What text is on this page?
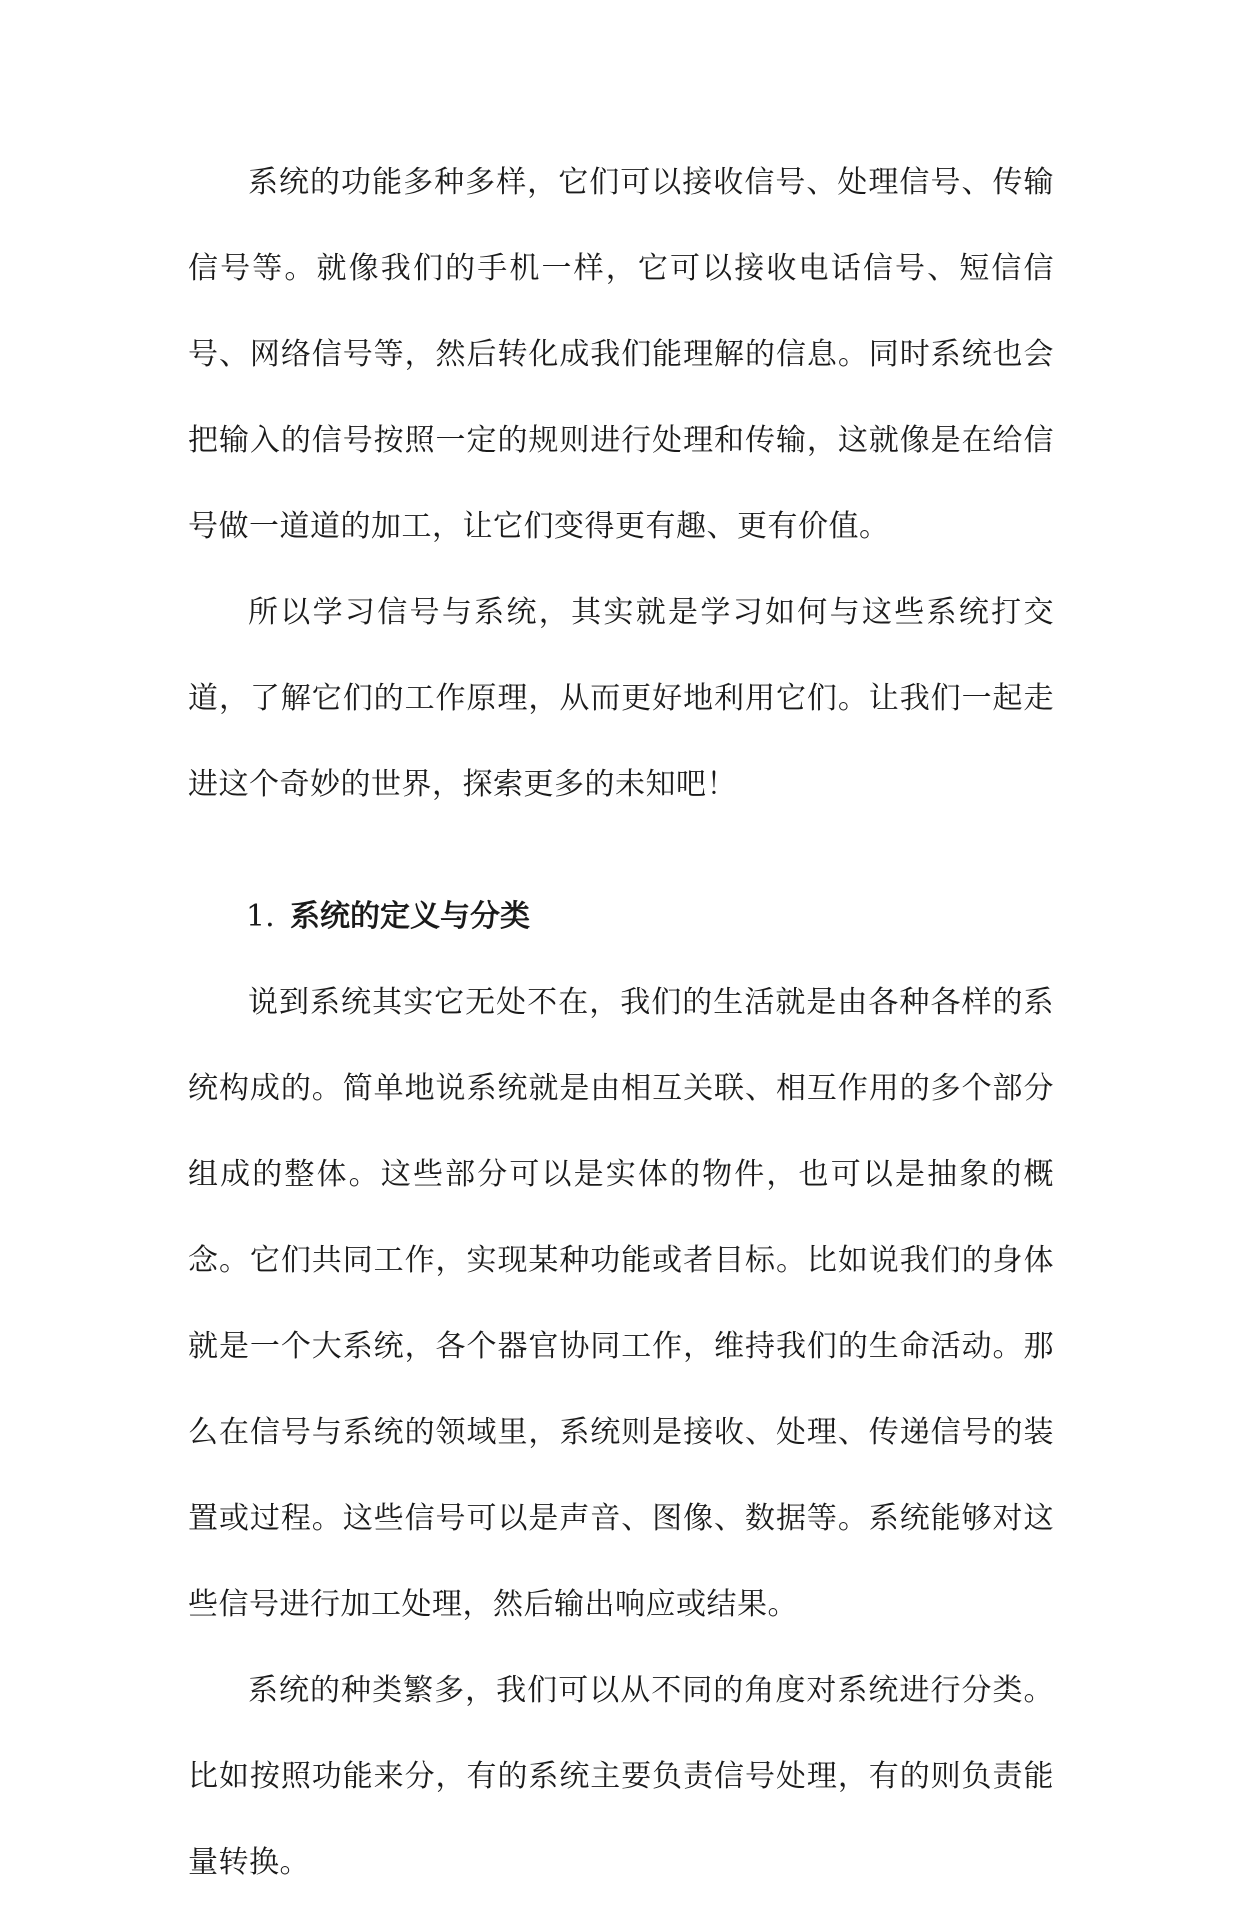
系统的功能多种多样，它们可以接收信号、处理信号、传输信号等。就像我们的手机一样，它可以接收电话信号、短信信号、网络信号等，然后转化成我们能理解的信息。同时系统也会把输入的信号按照一定的规则进行处理和传输，这就像是在给信号做一道道的加工，让它们变得更有趣、更有价值。

所以学习信号与系统，其实就是学习如何与这些系统打交道，了解它们的工作原理，从而更好地利用它们。让我们一起走进这个奇妙的世界，探索更多的未知吧！

1. 系统的定义与分类

说到系统其实它无处不在，我们的生活就是由各种各样的系统构成的。简单地说系统就是由相互关联、相互作用的多个部分组成的整体。这些部分可以是实体的物件，也可以是抽象的概念。它们共同工作，实现某种功能或者目标。比如说我们的身体就是一个大系统，各个器官协同工作，维持我们的生命活动。那么在信号与系统的领域里，系统则是接收、处理、传递信号的装置或过程。这些信号可以是声音、图像、数据等。系统能够对这些信号进行加工处理，然后输出响应或结果。

系统的种类繁多，我们可以从不同的角度对系统进行分类。比如按照功能来分，有的系统主要负责信号处理，有的则负责能量转换。
